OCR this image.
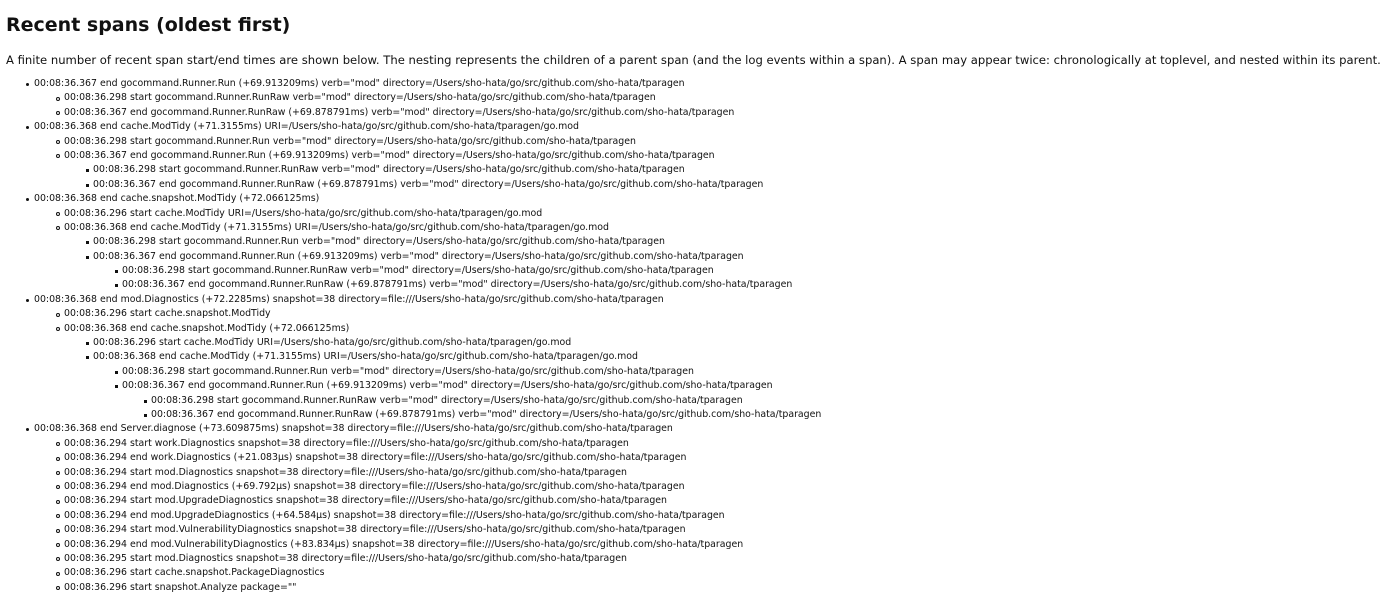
Recent spans (oldest first)

A finite number of recent span start/end times are shown below. The nesting represents the children of a parent span (and the log events within a span). A span may appear twice: chronologically at toplevel, and nested within its parent.

00:08:36.367 end gocommand.Runner.Run (+69.913209ms) verb="mod" directory=/Users/sho-hata/go/src/github.com/sho-hata/tparagen
00:08:36.298 start gocommand.Runner.RunRaw verb="mod" directory=/Users/sho-hata/go/src/github.com/sho-hata/tparagen
00:08:36.367 end gocommand.Runner.RunRaw (+69.878791ms) verb="mod" directory=/Users/sho-hata/go/src/github.com/sho-hata/tparagen
00:08:36.368 end cache.ModTidy (+71.3155ms) URI=/Users/sho-hata/go/src/github.com/sho-hata/tparagen/go.mod
00:08:36.298 start gocommand.Runner.Run verb="mod" directory=/Users/sho-hata/go/src/github.com/sho-hata/tparagen
00:08:36.367 end gocommand.Runner.Run (+69.913209ms) verb="mod" directory=/Users/sho-hata/go/src/github.com/sho-hata/tparagen
00:08:36.298 start gocommand.Runner.RunRaw verb="mod" directory=/Users/sho-hata/go/src/github.com/sho-hata/tparagen
00:08:36.367 end gocommand.Runner.RunRaw (+69.878791ms) verb="mod" directory=/Users/sho-hata/go/src/github.com/sho-hata/tparagen
00:08:36.368 end cache.snapshot.ModTidy (+72.066125ms)
00:08:36.296 start cache.ModTidy URI=/Users/sho-hata/go/src/github.com/sho-hata/tparagen/go.mod
00:08:36.368 end cache.ModTidy (+71.3155ms) URI=/Users/sho-hata/go/src/github.com/sho-hata/tparagen/go.mod
00:08:36.298 start gocommand.Runner.Run verb="mod" directory=/Users/sho-hata/go/src/github.com/sho-hata/tparagen
00:08:36.367 end gocommand.Runner.Run (+69.913209ms) verb="mod" directory=/Users/sho-hata/go/src/github.com/sho-hata/tparagen
00:08:36.298 start gocommand.Runner.RunRaw verb="mod" directory=/Users/sho-hata/go/src/github.com/sho-hata/tparagen
00:08:36.367 end gocommand.Runner.RunRaw (+69.878791ms) verb="mod" directory=/Users/sho-hata/go/src/github.com/sho-hata/tparagen
00:08:36.368 end mod.Diagnostics (+72.2285ms) snapshot=38 directory=file:///Users/sho-hata/go/src/github.com/sho-hata/tparagen
00:08:36.296 start cache.snapshot.ModTidy
00:08:36.368 end cache.snapshot.ModTidy (+72.066125ms)
00:08:36.296 start cache.ModTidy URI=/Users/sho-hata/go/src/github.com/sho-hata/tparagen/go.mod
00:08:36.368 end cache.ModTidy (+71.3155ms) URI=/Users/sho-hata/go/src/github.com/sho-hata/tparagen/go.mod
00:08:36.298 start gocommand.Runner.Run verb="mod" directory=/Users/sho-hata/go/src/github.com/sho-hata/tparagen
00:08:36.367 end gocommand.Runner.Run (+69.913209ms) verb="mod" directory=/Users/sho-hata/go/src/github.com/sho-hata/tparagen
00:08:36.298 start gocommand.Runner.RunRaw verb="mod" directory=/Users/sho-hata/go/src/github.com/sho-hata/tparagen
00:08:36.367 end gocommand.Runner.RunRaw (+69.878791ms) verb="mod" directory=/Users/sho-hata/go/src/github.com/sho-hata/tparagen
00:08:36.368 end Server.diagnose (+73.609875ms) snapshot=38 directory=file:///Users/sho-hata/go/src/github.com/sho-hata/tparagen
00:08:36.294 start work.Diagnostics snapshot=38 directory=file:///Users/sho-hata/go/src/github.com/sho-hata/tparagen
00:08:36.294 end work.Diagnostics (+21.083µs) snapshot=38 directory=file:///Users/sho-hata/go/src/github.com/sho-hata/tparagen
00:08:36.294 start mod.Diagnostics snapshot=38 directory=file:///Users/sho-hata/go/src/github.com/sho-hata/tparagen
00:08:36.294 end mod.Diagnostics (+69.792µs) snapshot=38 directory=file:///Users/sho-hata/go/src/github.com/sho-hata/tparagen
00:08:36.294 start mod.UpgradeDiagnostics snapshot=38 directory=file:///Users/sho-hata/go/src/github.com/sho-hata/tparagen
00:08:36.294 end mod.UpgradeDiagnostics (+64.584µs) snapshot=38 directory=file:///Users/sho-hata/go/src/github.com/sho-hata/tparagen
00:08:36.294 start mod.VulnerabilityDiagnostics snapshot=38 directory=file:///Users/sho-hata/go/src/github.com/sho-hata/tparagen
00:08:36.294 end mod.VulnerabilityDiagnostics (+83.834µs) snapshot=38 directory=file:///Users/sho-hata/go/src/github.com/sho-hata/tparagen
00:08:36.295 start mod.Diagnostics snapshot=38 directory=file:///Users/sho-hata/go/src/github.com/sho-hata/tparagen
00:08:36.296 start cache.snapshot.PackageDiagnostics
00:08:36.296 start snapshot.Analyze package=""
